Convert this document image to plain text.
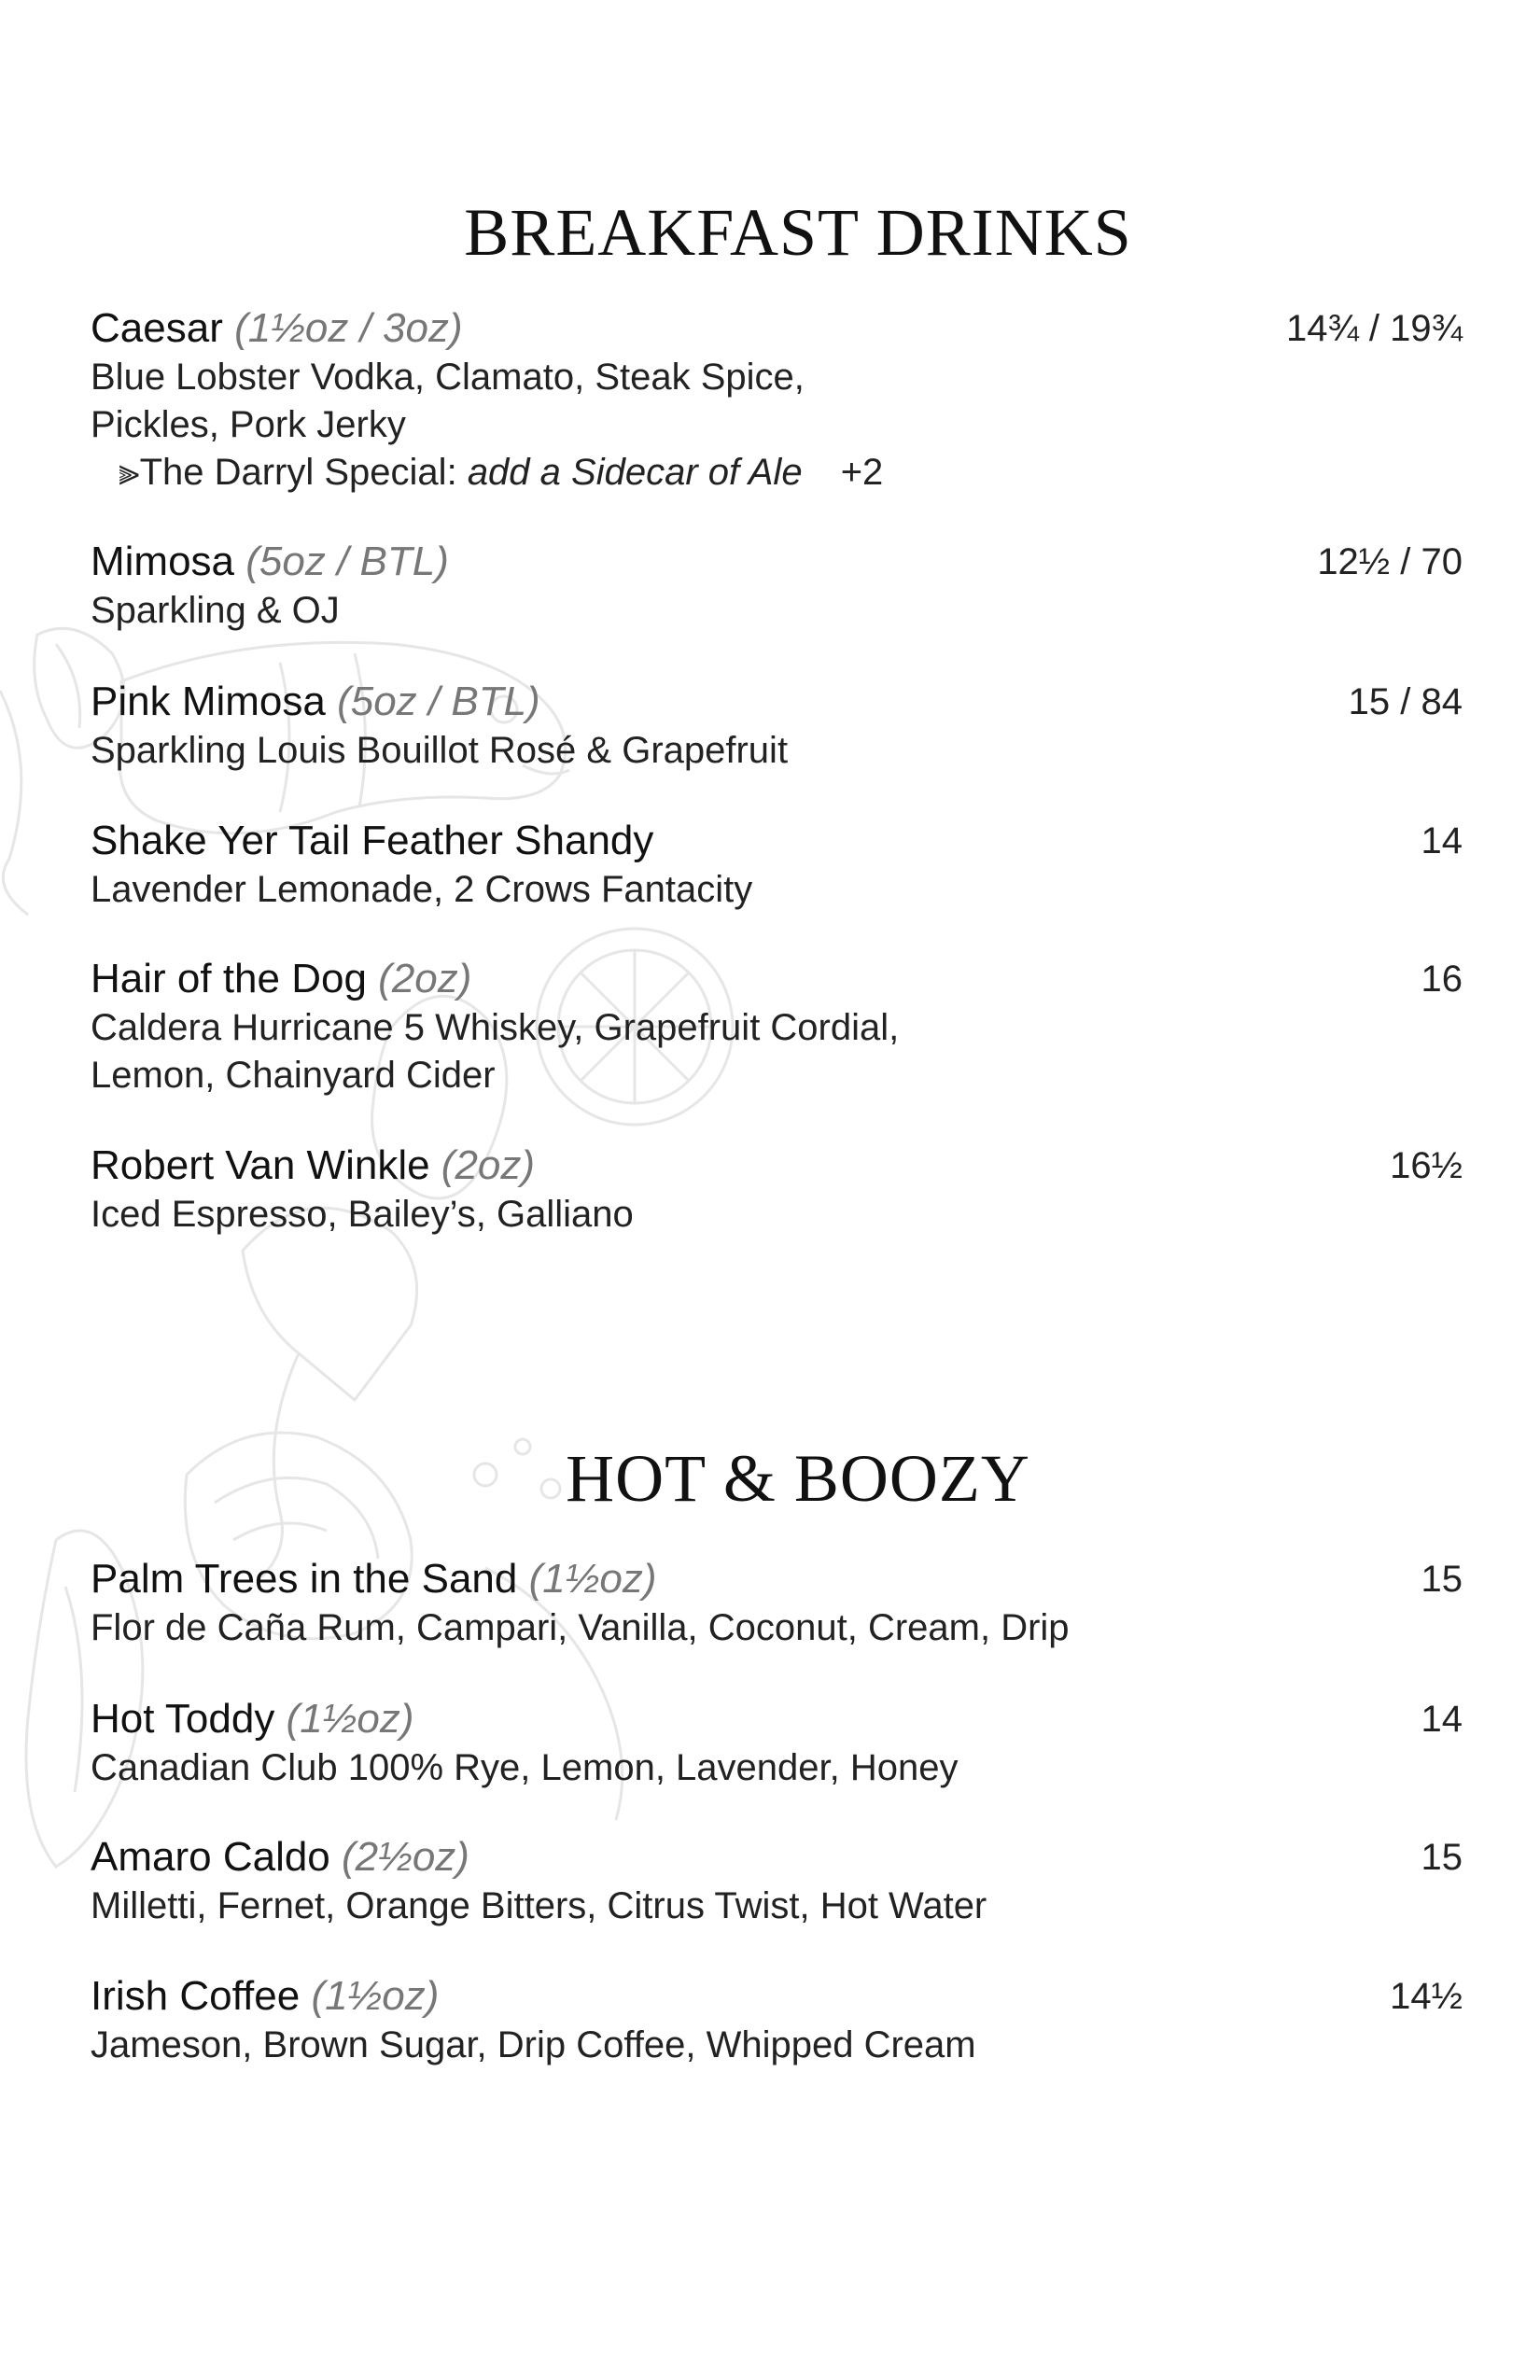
BREAKFAST DRINKS
Caesar (1½oz / 3oz)
Blue Lobster Vodka, Clamato, Steak Spice,
Pickles, Pork Jerky
⫸The Darryl Special: add a Sidecar of Ale +2
14¾ / 19¾
Mimosa (5oz / BTL)
Sparkling & OJ
12½ / 70
Pink Mimosa (5oz / BTL)
Sparkling Louis Bouillot Rosé & Grapefruit
15 / 84
Shake Yer Tail Feather Shandy
Lavender Lemonade, 2 Crows Fantacity
14
Hair of the Dog (2oz)
Caldera Hurricane 5 Whiskey, Grapefruit Cordial,
Lemon, Chainyard Cider
16
Robert Van Winkle (2oz)
Iced Espresso, Bailey’s, Galliano
16½
HOT & BOOZY
Palm Trees in the Sand (1½oz)
Flor de Caña Rum, Campari, Vanilla, Coconut, Cream, Drip
15
Hot Toddy (1½oz)
Canadian Club 100% Rye, Lemon, Lavender, Honey
14
Amaro Caldo (2½oz)
Milletti, Fernet, Orange Bitters, Citrus Twist, Hot Water
15
Irish Coffee (1½oz)
Jameson, Brown Sugar, Drip Coffee, Whipped Cream
14½
